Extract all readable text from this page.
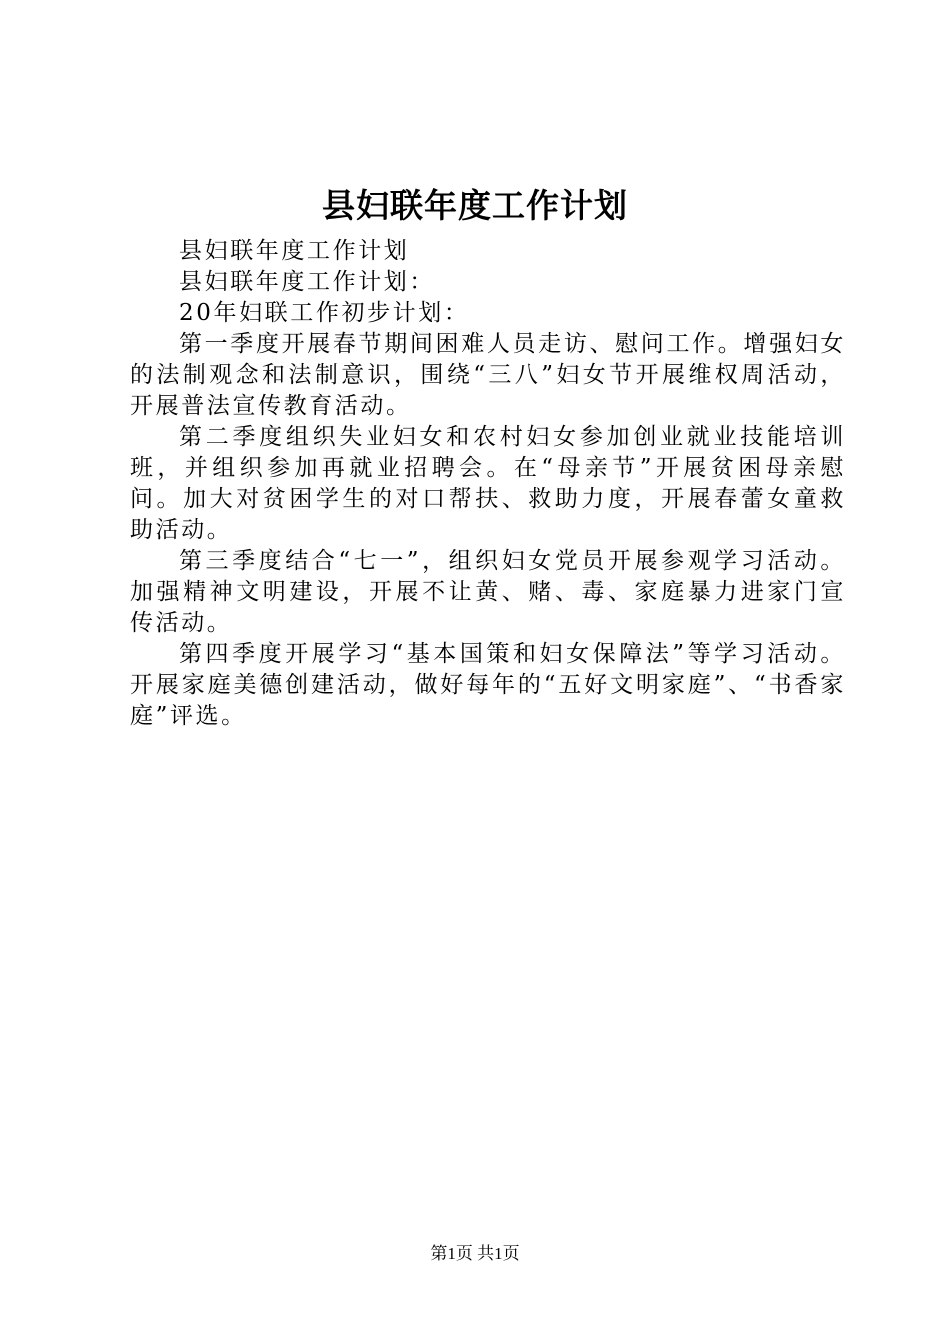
县妇联年度工作计划

县妇联年度工作计划

县妇联年度工作计划：

20年妇联工作初步计划：

第一季度开展春节期间困难人员走访、慰问工作。增强妇女的法制观念和法制意识，围绕“三八”妇女节开展维权周活动，开展普法宣传教育活动。

第二季度组织失业妇女和农村妇女参加创业就业技能培训班，并组织参加再就业招聘会。在“母亲节”开展贫困母亲慰问。加大对贫困学生的对口帮扶、救助力度，开展春蕾女童救助活动。

第三季度结合“七一”，组织妇女党员开展参观学习活动。加强精神文明建设，开展不让黄、赌、毒、家庭暴力进家门宣传活动。

第四季度开展学习“基本国策和妇女保障法”等学习活动。开展家庭美德创建活动，做好每年的“五好文明家庭”、“书香家庭”评选。

第1页 共1页
